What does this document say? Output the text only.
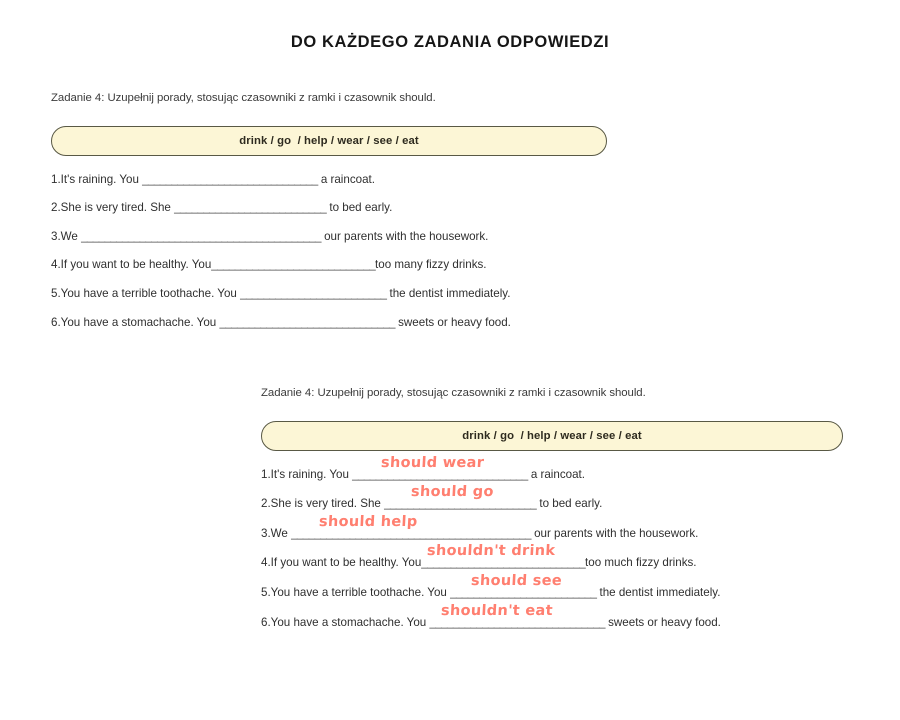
DO KAŻDEGO ZADANIA ODPOWIEDZI
Zadanie 4: Uzupełnij porady, stosując czasowniki z ramki i czasownik should.
drink / go  / help / wear / see / eat
1.It's raining. You ______________________________ a raincoat.
2.She is very tired. She __________________________ to bed early.
3.We _________________________________________ our parents with the housework.
4.If you want to be healthy. You____________________________too many fizzy drinks.
5.You have a terrible toothache. You _________________________ the dentist immediately.
6.You have a stomachache. You ______________________________ sweets or heavy food.
Zadanie 4: Uzupełnij porady, stosując czasowniki z ramki i czasownik should.
drink / go  / help / wear / see / eat
1.It's raining. You ______________________________ a raincoat.
should wear
2.She is very tired. She __________________________ to bed early.
should go
3.We _________________________________________ our parents with the housework.
should help
4.If you want to be healthy. You____________________________too much fizzy drinks.
shouldn't drink
5.You have a terrible toothache. You _________________________ the dentist immediately.
should see
6.You have a stomachache. You ______________________________ sweets or heavy food.
shouldn't eat
